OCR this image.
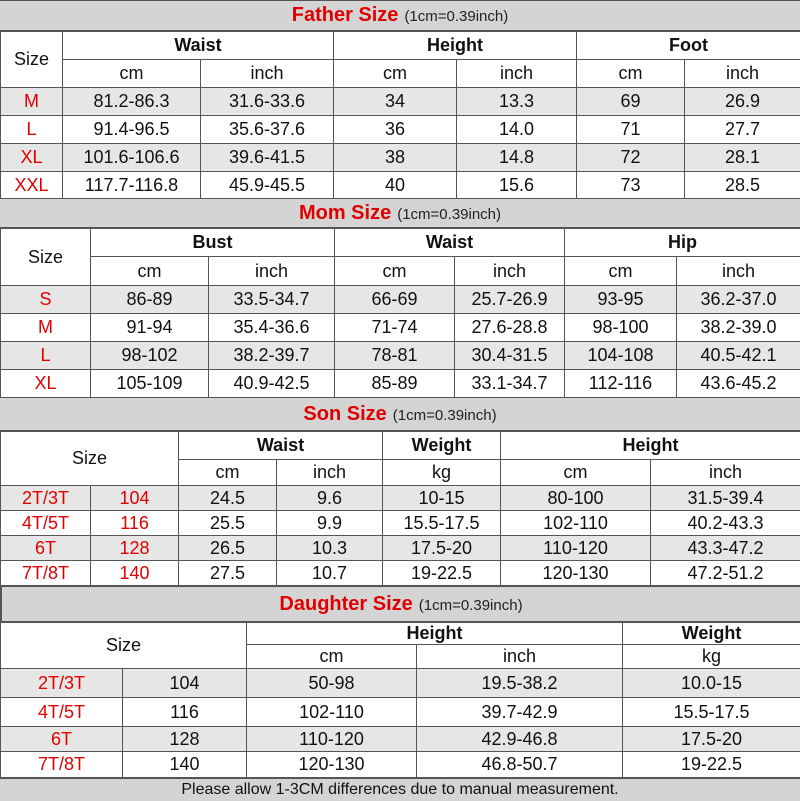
Father Size (1cm=0.39inch)
Size	Waist		Height		Foot	
	cm	inch	cm	inch	cm	inch
M	81.2-86.3	31.6-33.6	34	13.3	69	26.9
L	91.4-96.5	35.6-37.6	36	14.0	71	27.7
XL	101.6-106.6	39.6-41.5	38	14.8	72	28.1
XXL	117.7-116.8	45.9-45.5	40	15.6	73	28.5
Mom Size (1cm=0.39inch)
Size	Bust		Waist		Hip	
	cm	inch	cm	inch	cm	inch
S	86-89	33.5-34.7	66-69	25.7-26.9	93-95	36.2-37.0
M	91-94	35.4-36.6	71-74	27.6-28.8	98-100	38.2-39.0
L	98-102	38.2-39.7	78-81	30.4-31.5	104-108	40.5-42.1
XL	105-109	40.9-42.5	85-89	33.1-34.7	112-116	43.6-45.2
Son Size (1cm=0.39inch)
Size		Waist		Weight	Height	
		cm	inch	kg	cm	inch
2T/3T	104	24.5	9.6	10-15	80-100	31.5-39.4
4T/5T	116	25.5	9.9	15.5-17.5	102-110	40.2-43.3
6T	128	26.5	10.3	17.5-20	110-120	43.3-47.2
7T/8T	140	27.5	10.7	19-22.5	120-130	47.2-51.2
Daughter Size (1cm=0.39inch)
Size		Height		Weight
		cm	inch	kg
2T/3T	104	50-98	19.5-38.2	10.0-15
4T/5T	116	102-110	39.7-42.9	15.5-17.5
6T	128	110-120	42.9-46.8	17.5-20
7T/8T	140	120-130	46.8-50.7	19-22.5
Please allow 1-3CM differences due to manual measurement.
